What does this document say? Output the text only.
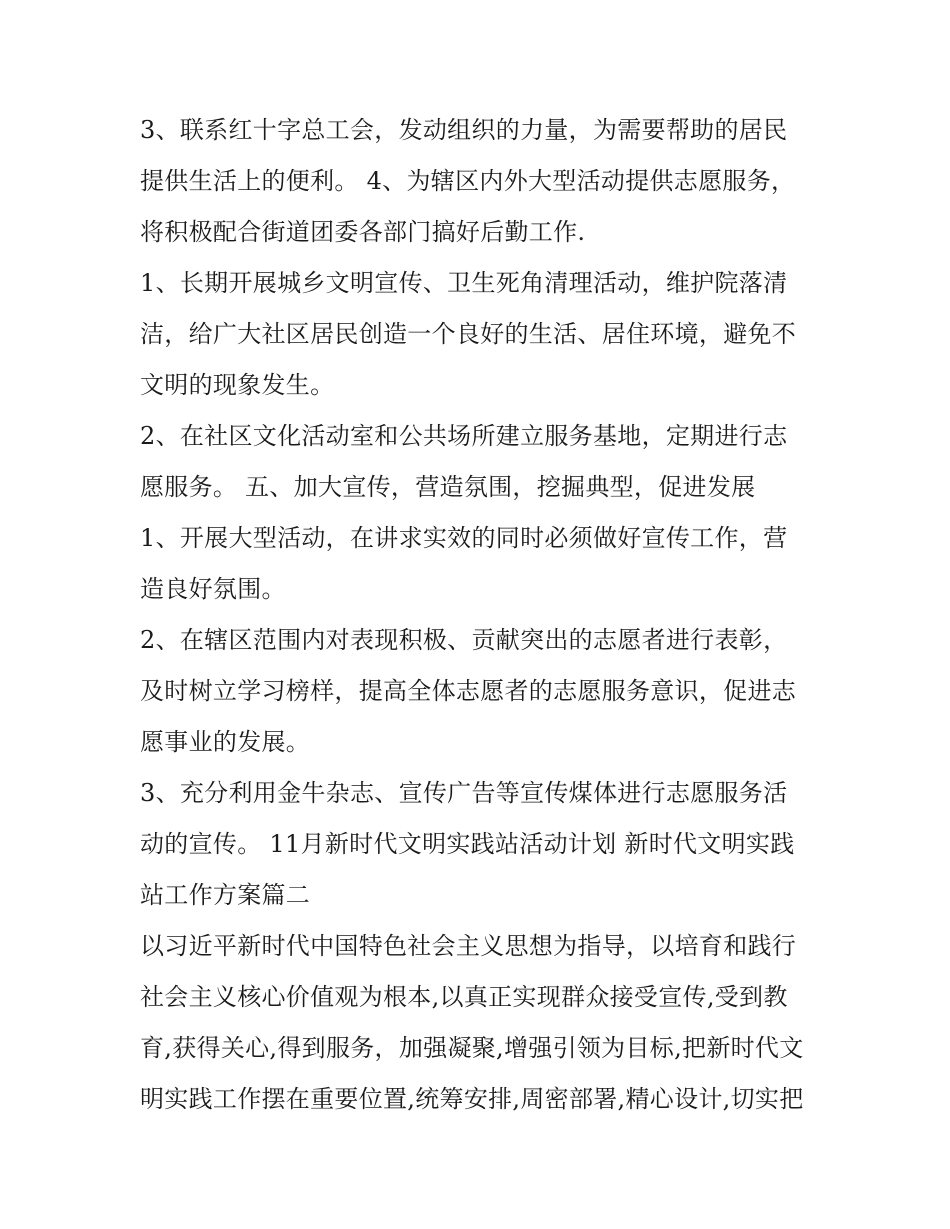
3、联系红十字总工会，发动组织的力量，为需要帮助的居民
提供生活上的便利。 4、为辖区内外大型活动提供志愿服务，
将积极配合街道团委各部门搞好后勤工作.
1、长期开展城乡文明宣传、卫生死角清理活动，维护院落清
洁，给广大社区居民创造一个良好的生活、居住环境，避免不
文明的现象发生。
2、在社区文化活动室和公共场所建立服务基地，定期进行志
愿服务。 五、加大宣传，营造氛围，挖掘典型，促进发展
1、开展大型活动，在讲求实效的同时必须做好宣传工作，营
造良好氛围。
2、在辖区范围内对表现积极、贡献突出的志愿者进行表彰，
及时树立学习榜样，提高全体志愿者的志愿服务意识，促进志
愿事业的发展。
3、充分利用金牛杂志、宣传广告等宣传煤体进行志愿服务活
动的宣传。 11月新时代文明实践站活动计划 新时代文明实践
站工作方案篇二
以习近平新时代中国特色社会主义思想为指导，以培育和践行
社会主义核心价值观为根本,以真正实现群众接受宣传,受到教
育,获得关心,得到服务，加强凝聚,增强引领为目标,把新时代文
明实践工作摆在重要位置,统筹安排,周密部署,精心设计,切实把
